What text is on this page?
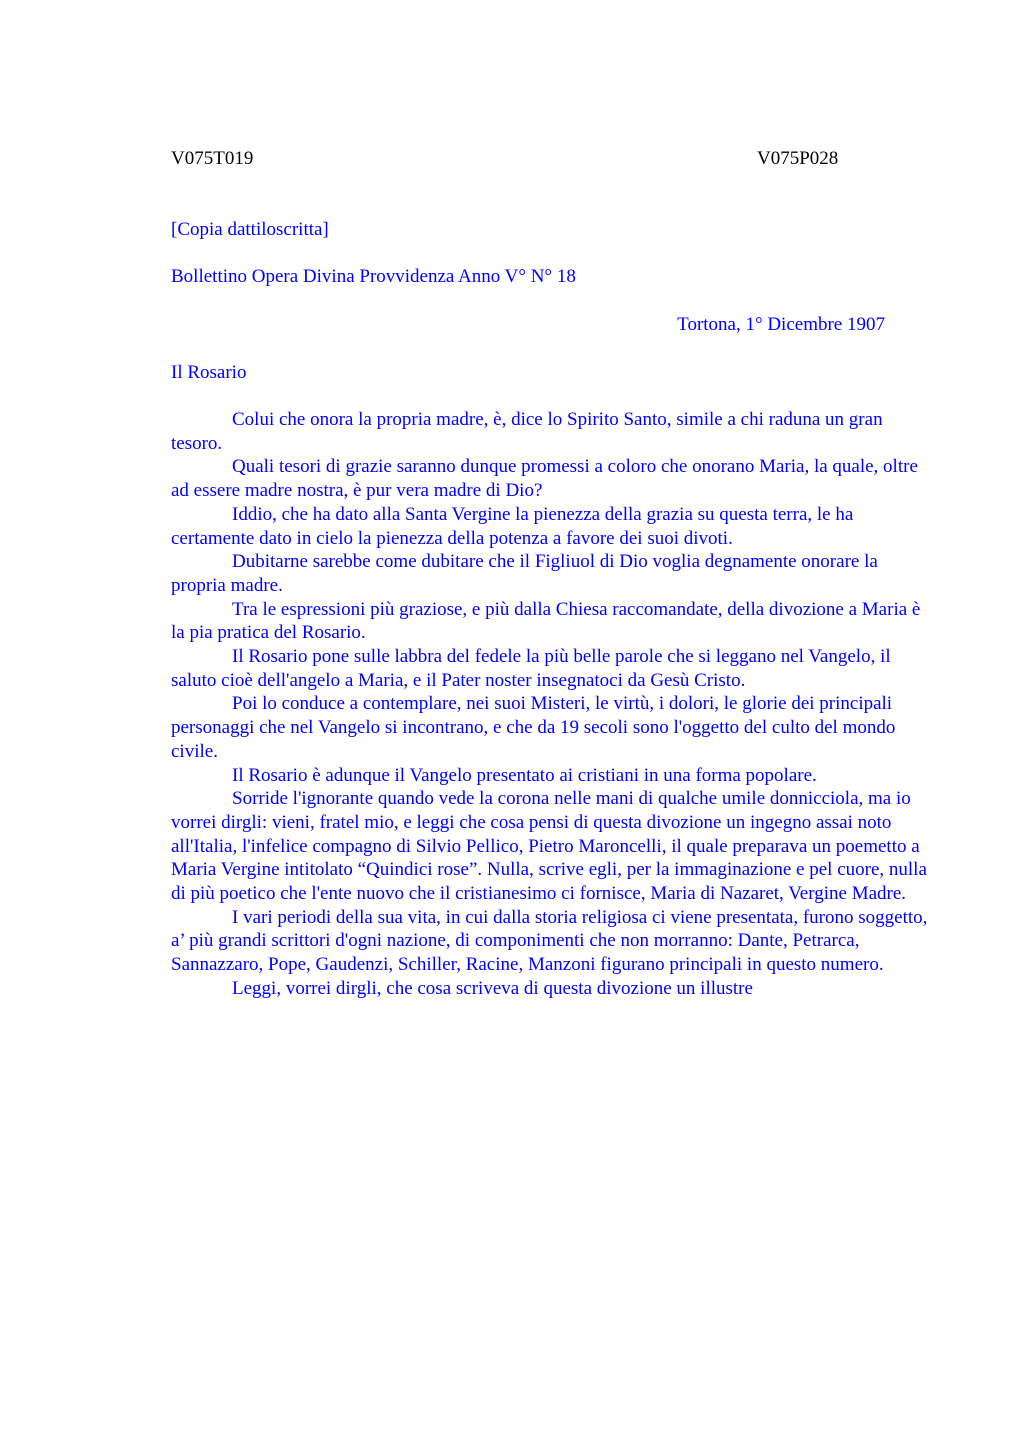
V075T019	V075P028
[Copia dattiloscritta]
Bollettino Opera Divina Provvidenza Anno V° N° 18
Tortona, 1° Dicembre 1907
Il Rosario

Colui che onora la propria madre, è, dice lo Spirito Santo, simile a chi raduna un gran tesoro.

Quali tesori di grazie saranno dunque promessi a coloro che onorano Maria, la quale, oltre ad essere madre nostra, è pur vera madre di Dio?

Iddio, che ha dato alla Santa Vergine la pienezza della grazia su questa terra, le ha certamente dato in cielo la pienezza della potenza a favore dei suoi divoti.

Dubitarne sarebbe come dubitare che il Figliuol di Dio voglia degnamente onorare la propria madre.

Tra le espressioni più graziose, e più dalla Chiesa raccomandate, della divozione a Maria è la pia pratica del Rosario.

Il Rosario pone sulle labbra del fedele la più belle parole che si leggano nel Vangelo, il saluto cioè dell'angelo a Maria, e il Pater noster insegnatoci da Gesù Cristo.

Poi lo conduce a contemplare, nei suoi Misteri, le virtù, i dolori, le glorie dei principali personaggi che nel Vangelo si incontrano, e che da 19 secoli sono l'oggetto del culto del mondo civile.

Il Rosario è adunque il Vangelo presentato ai cristiani in una forma popolare.

Sorride l'ignorante quando vede la corona nelle mani di qualche umile donnicciola, ma io vorrei dirgli: vieni, fratel mio, e leggi che cosa pensi di questa divozione un ingegno assai noto all'Italia, l'infelice compagno di Silvio Pellico, Pietro Maroncelli, il quale preparava un poemetto a Maria Vergine intitolato “Quindici rose”. Nulla, scrive egli, per la immaginazione e pel cuore, nulla di più poetico che l'ente nuovo che il cristianesimo ci fornisce, Maria di Nazaret, Vergine Madre.

I vari periodi della sua vita, in cui dalla storia religiosa ci viene presentata, furono soggetto, a’ più grandi scrittori d'ogni nazione, di componimenti che non morranno: Dante, Petrarca, Sannazzaro, Pope, Gaudenzi, Schiller, Racine, Manzoni figurano principali in questo numero.

Leggi, vorrei dirgli, che cosa scriveva di questa divozione un illustre
